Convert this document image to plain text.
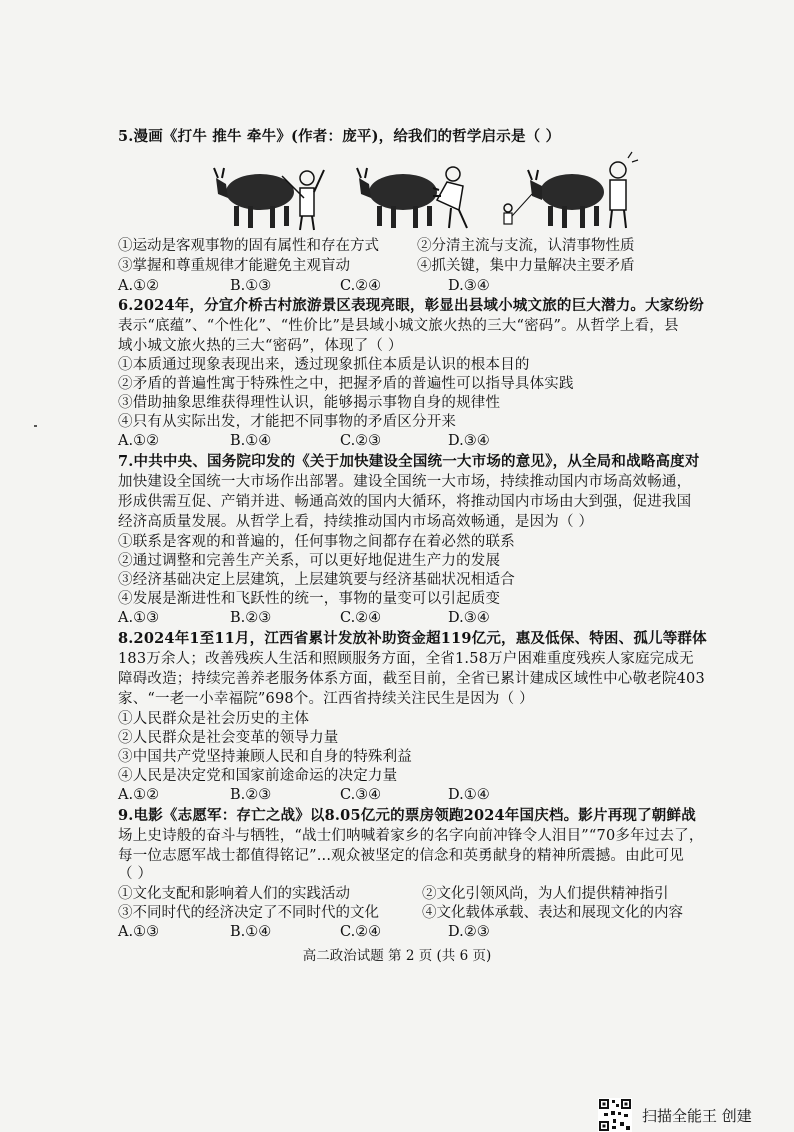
5.漫画《打牛 推牛 牵牛》(作者：庞平)，给我们的哲学启示是（ ）
①运动是客观事物的固有属性和存在方式	②分清主流与支流，认清事物性质
③掌握和尊重规律才能避免主观盲动	④抓关键，集中力量解决主要矛盾
A.①②	B.①③	C.②④	D.③④
6.2024年，分宜介桥古村旅游景区表现亮眼，彰显出县域小城文旅的巨大潜力。大家纷纷
表示“底蕴”、“个性化”、“性价比”是县域小城文旅火热的三大“密码”。从哲学上看，县
域小城文旅火热的三大“密码”，体现了（ ）
①本质通过现象表现出来，透过现象抓住本质是认识的根本目的
②矛盾的普遍性寓于特殊性之中，把握矛盾的普遍性可以指导具体实践
③借助抽象思维获得理性认识，能够揭示事物自身的规律性
④只有从实际出发，才能把不同事物的矛盾区分开来
A.①②	B.①④	C.②③	D.③④
7.中共中央、国务院印发的《关于加快建设全国统一大市场的意见》，从全局和战略高度对
加快建设全国统一大市场作出部署。建设全国统一大市场，持续推动国内市场高效畅通，
形成供需互促、产销并进、畅通高效的国内大循环，将推动国内市场由大到强，促进我国
经济高质量发展。从哲学上看，持续推动国内市场高效畅通，是因为（ ）
①联系是客观的和普遍的，任何事物之间都存在着必然的联系
②通过调整和完善生产关系，可以更好地促进生产力的发展
③经济基础决定上层建筑，上层建筑要与经济基础状况相适合
④发展是渐进性和飞跃性的统一，事物的量变可以引起质变
A.①③	B.②③	C.②④	D.③④
8.2024年1至11月，江西省累计发放补助资金超119亿元，惠及低保、特困、孤儿等群体
183万余人；改善残疾人生活和照顾服务方面，全省1.58万户困难重度残疾人家庭完成无
障碍改造；持续完善养老服务体系方面，截至目前，全省已累计建成区域性中心敬老院403
家、“一老一小幸福院”698个。江西省持续关注民生是因为（ ）
①人民群众是社会历史的主体
②人民群众是社会变革的领导力量
③中国共产党坚持兼顾人民和自身的特殊利益
④人民是决定党和国家前途命运的决定力量
A.①②	B.②③	C.③④	D.①④
9.电影《志愿军：存亡之战》以8.05亿元的票房领跑2024年国庆档。影片再现了朝鲜战
场上史诗般的奋斗与牺牲，“战士们呐喊着家乡的名字向前冲锋令人泪目”“70多年过去了，
每一位志愿军战士都值得铭记”...观众被坚定的信念和英勇献身的精神所震撼。由此可见
（ ）
①文化支配和影响着人们的实践活动	②文化引领风尚，为人们提供精神指引
③不同时代的经济决定了不同时代的文化	④文化载体承载、表达和展现文化的内容
A.①③	B.①④	C.②④	D.②③
高二政治试题 第 2 页 (共 6 页)
扫描全能王 创建
